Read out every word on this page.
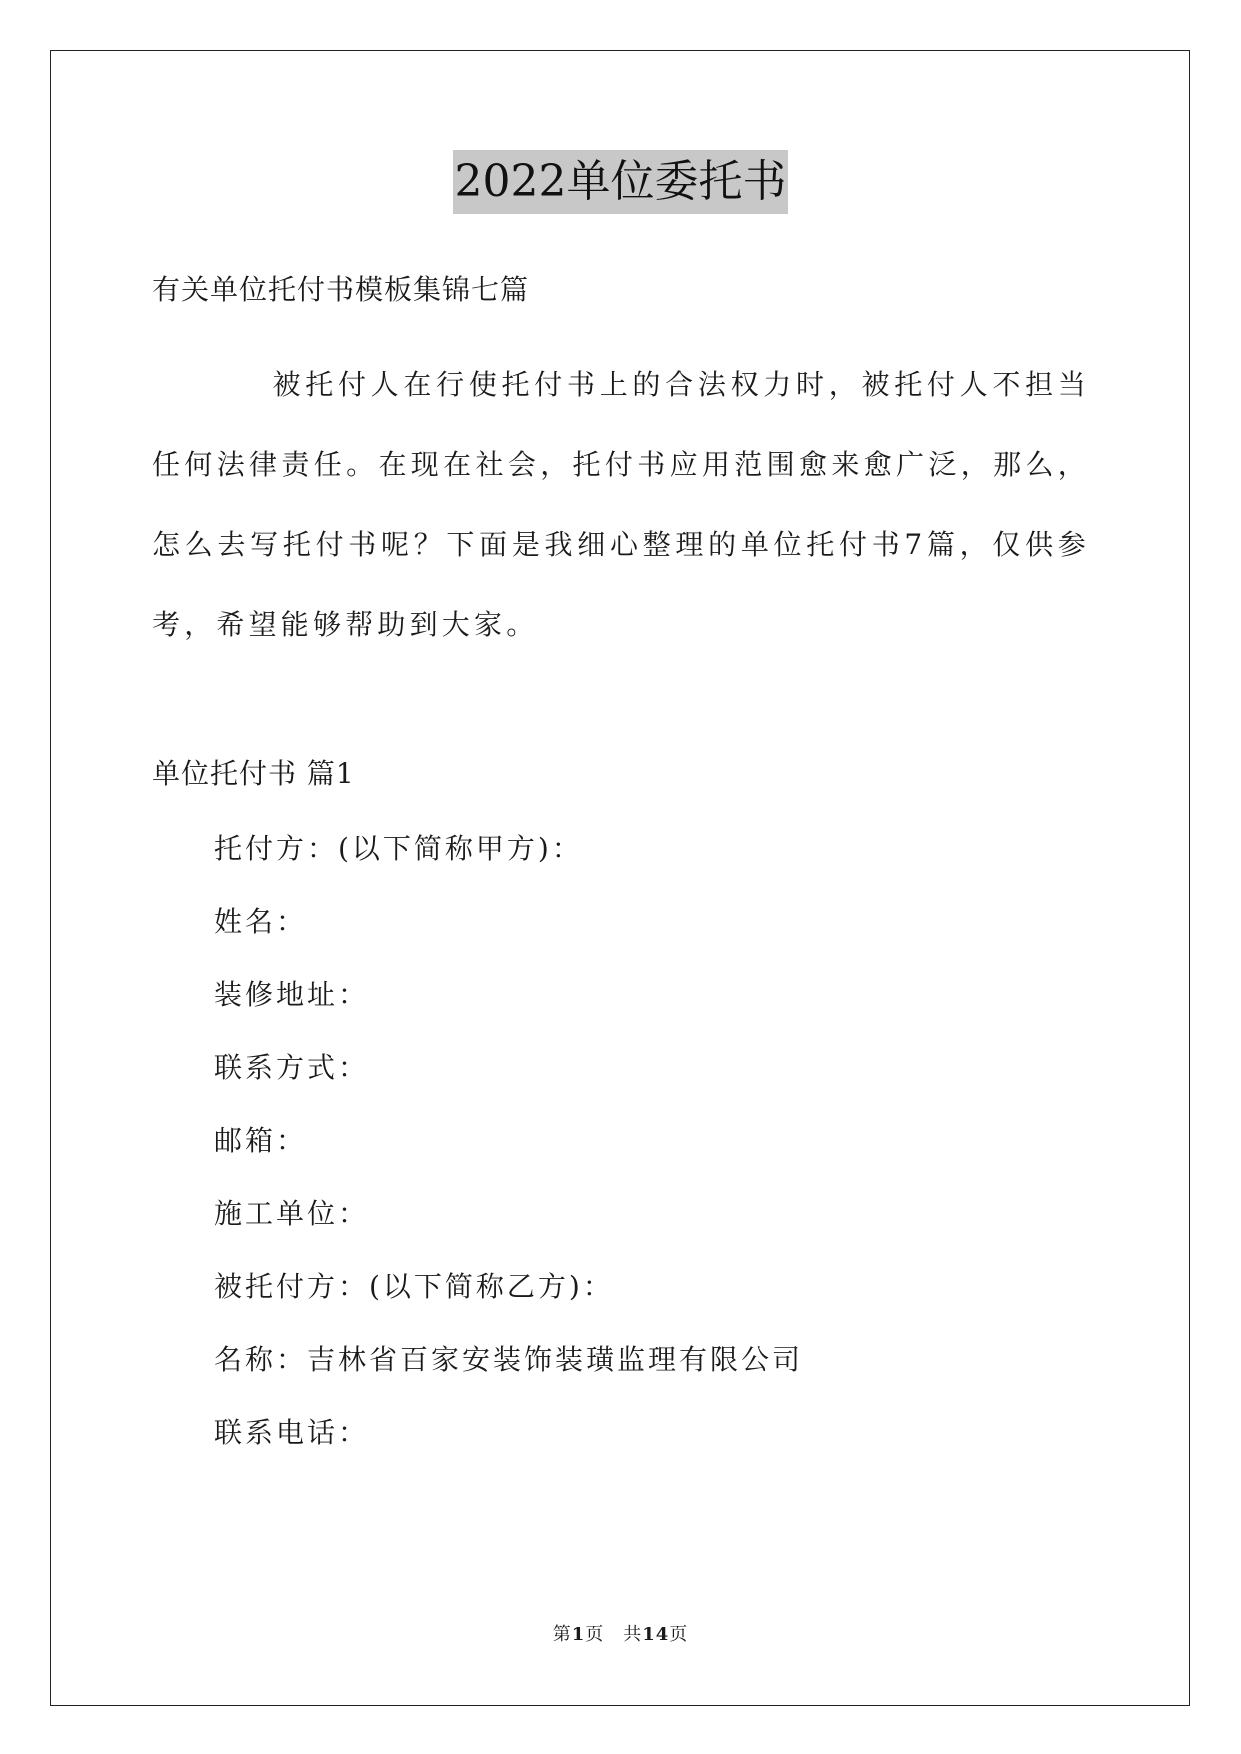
2022单位委托书
有关单位托付书模板集锦七篇

被托付人在行使托付书上的合法权力时，被托付人不担当任何法律责任。在现在社会，托付书应用范围愈来愈广泛，那么，怎么去写托付书呢？下面是我细心整理的单位托付书7篇，仅供参考，希望能够帮助到大家。

单位托付书 篇1
托付方：(以下简称甲方)：
姓名：
装修地址：
联系方式：
邮箱：
施工单位：
被托付方：(以下简称乙方)：
名称：吉林省百家安装饰装璜监理有限公司
联系电话：
第1页　共14页
